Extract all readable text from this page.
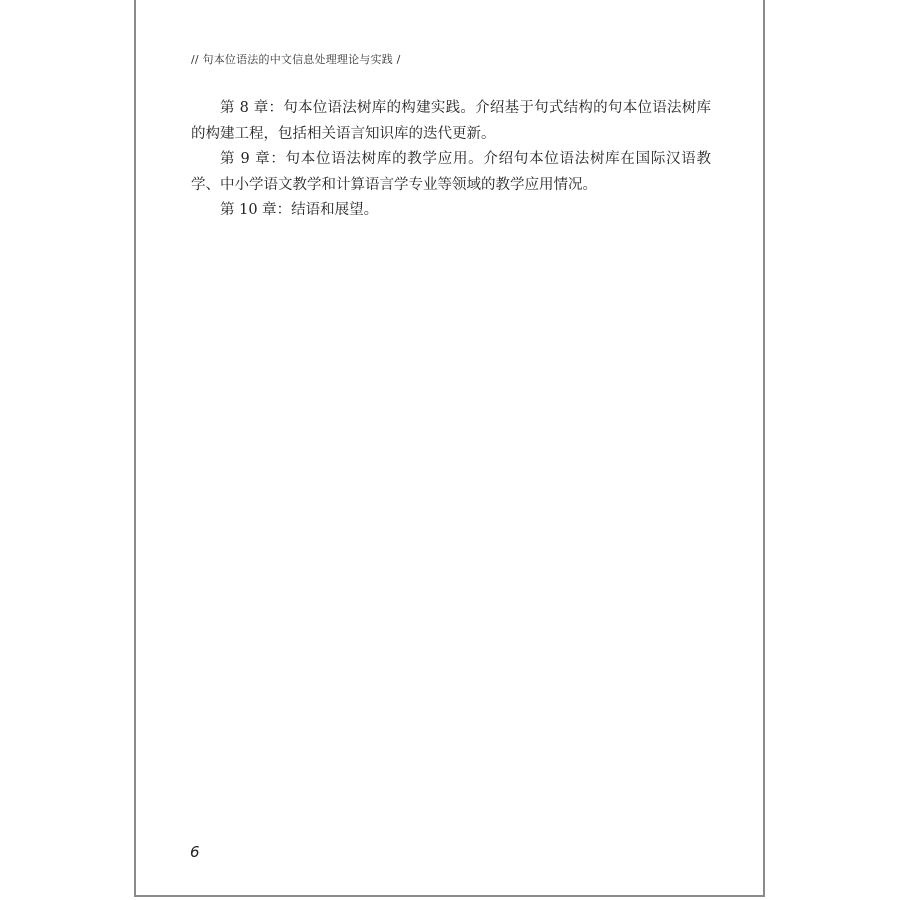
// 句本位语法的中文信息处理理论与实践 /

第 8 章：句本位语法树库的构建实践。介绍基于句式结构的句本位语法树库的构建工程，包括相关语言知识库的迭代更新。

第 9 章：句本位语法树库的教学应用。介绍句本位语法树库在国际汉语教学、中小学语文教学和计算语言学专业等领域的教学应用情况。

第 10 章：结语和展望。

6
